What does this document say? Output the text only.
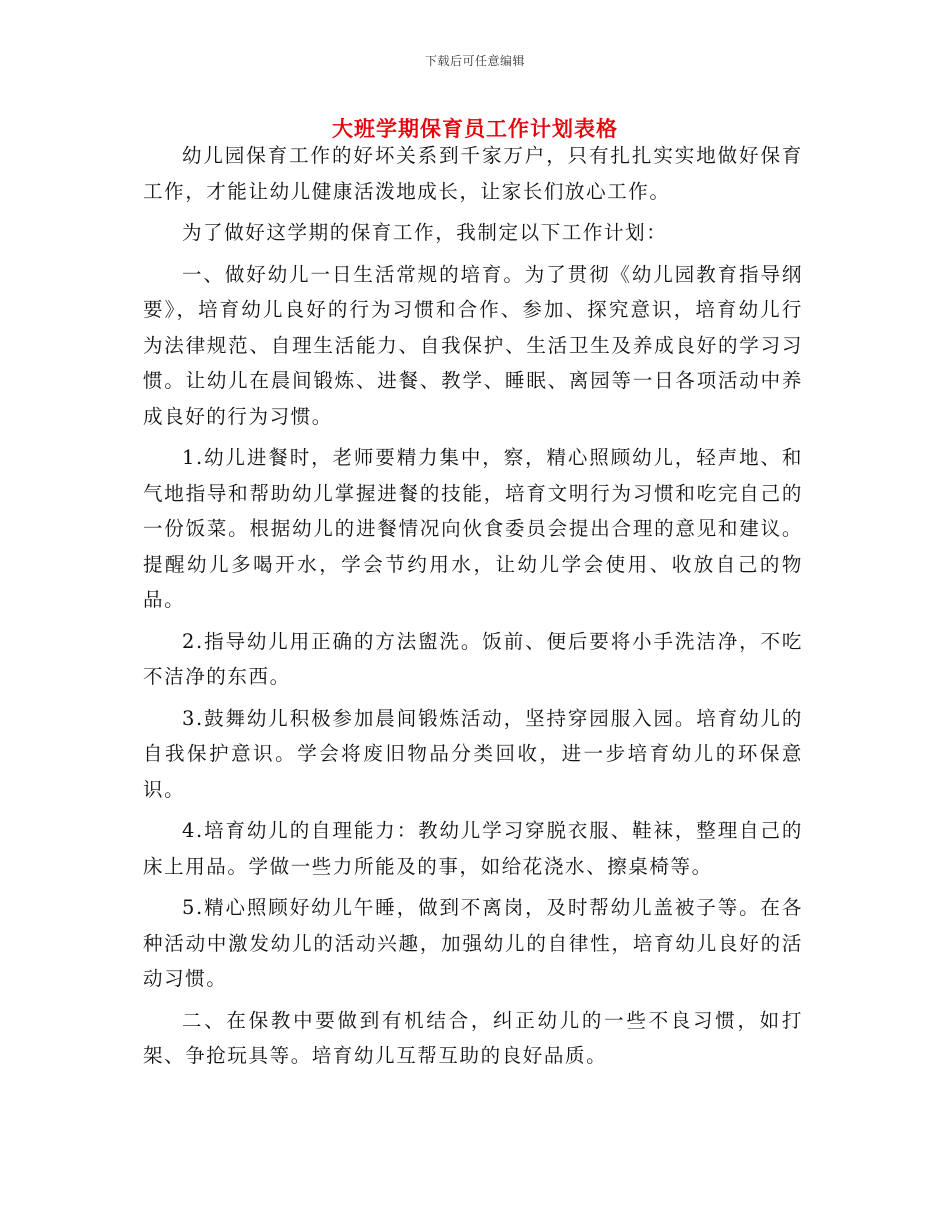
下载后可任意编辑
大班学期保育员工作计划表格

幼儿园保育工作的好坏关系到千家万户，只有扎扎实实地做好保育工作，才能让幼儿健康活泼地成长，让家长们放心工作。

为了做好这学期的保育工作，我制定以下工作计划：

一、做好幼儿一日生活常规的培育。为了贯彻《幼儿园教育指导纲要》，培育幼儿良好的行为习惯和合作、参加、探究意识，培育幼儿行为法律规范、自理生活能力、自我保护、生活卫生及养成良好的学习习惯。让幼儿在晨间锻炼、进餐、教学、睡眠、离园等一日各项活动中养成良好的行为习惯。

1.幼儿进餐时，老师要精力集中，察，精心照顾幼儿，轻声地、和气地指导和帮助幼儿掌握进餐的技能，培育文明行为习惯和吃完自己的一份饭菜。根据幼儿的进餐情况向伙食委员会提出合理的意见和建议。提醒幼儿多喝开水，学会节约用水，让幼儿学会使用、收放自己的物品。

2.指导幼儿用正确的方法盥洗。饭前、便后要将小手洗洁净，不吃不洁净的东西。

3.鼓舞幼儿积极参加晨间锻炼活动，坚持穿园服入园。培育幼儿的自我保护意识。学会将废旧物品分类回收，进一步培育幼儿的环保意识。

4.培育幼儿的自理能力：教幼儿学习穿脱衣服、鞋袜，整理自己的床上用品。学做一些力所能及的事，如给花浇水、擦桌椅等。

5.精心照顾好幼儿午睡，做到不离岗，及时帮幼儿盖被子等。在各种活动中激发幼儿的活动兴趣，加强幼儿的自律性，培育幼儿良好的活动习惯。

二、在保教中要做到有机结合，纠正幼儿的一些不良习惯，如打架、争抢玩具等。培育幼儿互帮互助的良好品质。
